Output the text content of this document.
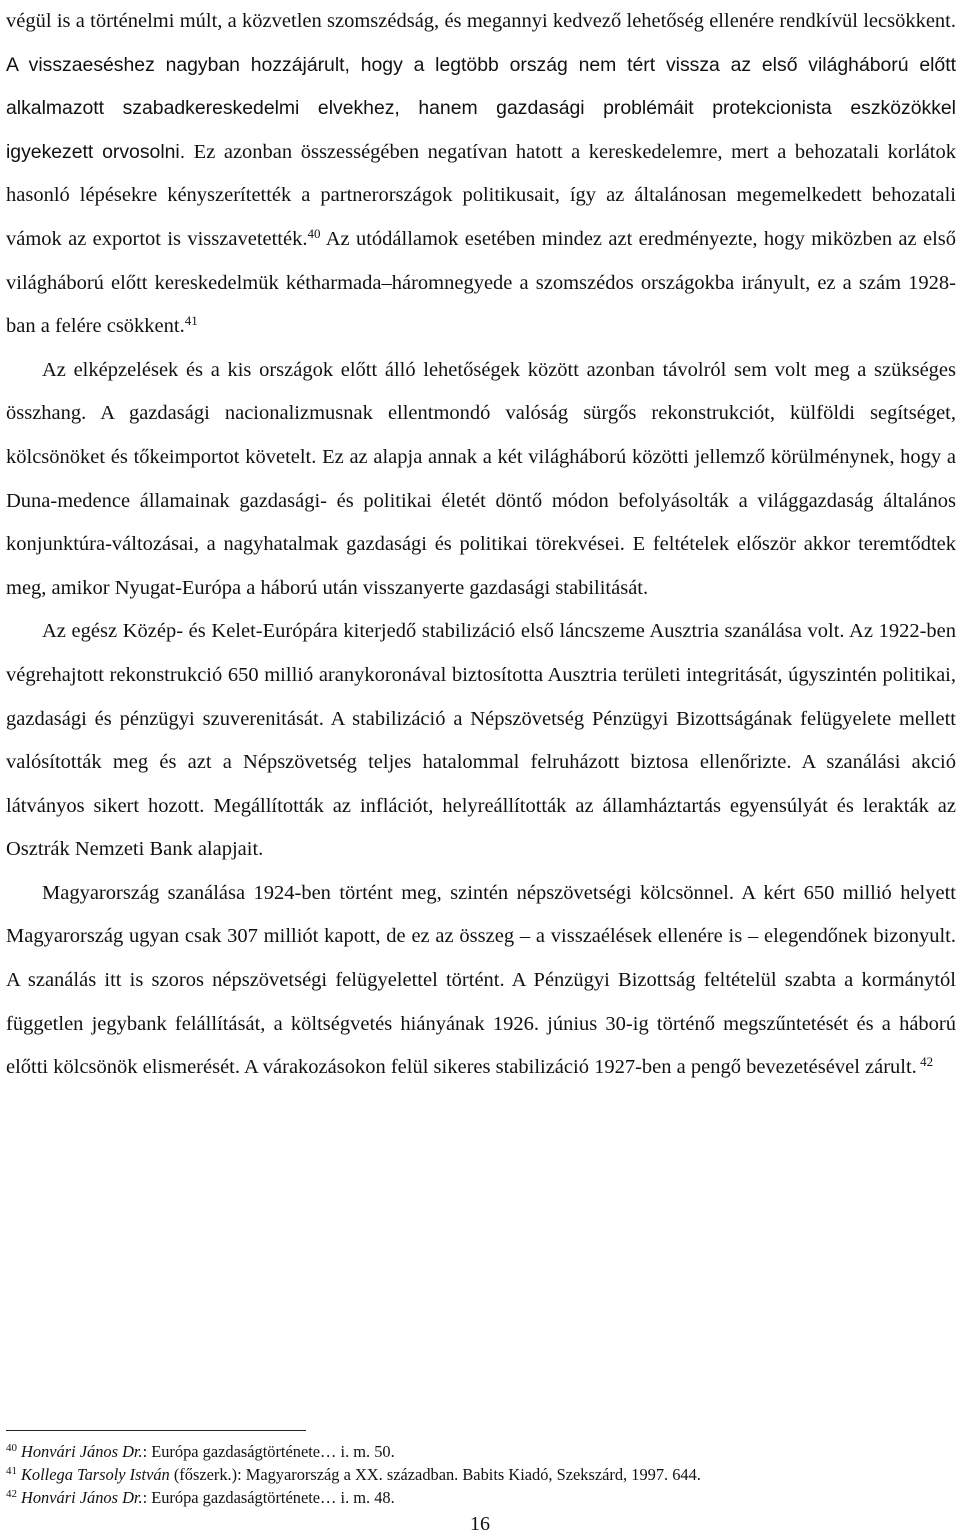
végül is a történelmi múlt, a közvetlen szomszédság, és megannyi kedvező lehetőség ellenére rendkívül lecsökkent. A visszaeséshez nagyban hozzájárult, hogy a legtöbb ország nem tért vissza az első világháború előtt alkalmazott szabadkereskedelmi elvekhez, hanem gazdasági problémáit protekcionista eszközökkel igyekezett orvosolni. Ez azonban összességében negatívan hatott a kereskedelemre, mert a behozatali korlátok hasonló lépésekre kényszerítették a partnerországok politikusait, így az általánosan megemelkedett behozatali vámok az exportot is visszavetették.$^{40}$ Az utódállamok esetében mindez azt eredményezte, hogy miközben az első világháború előtt kereskedelmük kétharmada–háromnegyede a szomszédos országokba irányult, ez a szám 1928-ban a felére csökkent.$^{41}$

Az elképzelések és a kis országok előtt álló lehetőségek között azonban távolról sem volt meg a szükséges összhang. A gazdasági nacionalizmusnak ellentmondó valóság sürgős rekonstrukciót, külföldi segítséget, kölcsönöket és tőkeimportot követelt. Ez az alapja annak a két világháború közötti jellemző körülménynek, hogy a Duna-medence államainak gazdasági- és politikai életét döntő módon befolyásolták a világgazdaság általános konjunktúra-változásai, a nagyhatalmak gazdasági és politikai törekvései. E feltételek először akkor teremtődtek meg, amikor Nyugat-Európa a háború után visszanyerte gazdasági stabilitását.

Az egész Közép- és Kelet-Európára kiterjedő stabilizáció első láncszeme Ausztria szanálása volt. Az 1922-ben végrehajtott rekonstrukció 650 millió aranykoronával biztosította Ausztria területi integritását, úgyszintén politikai, gazdasági és pénzügyi szuverenitását. A stabilizáció a Népszövetség Pénzügyi Bizottságának felügyelete mellett valósították meg és azt a Népszövetség teljes hatalommal felruházott biztosa ellenőrizte. A szanálási akció látványos sikert hozott. Megállították az inflációt, helyreállították az államháztartás egyensúlyát és lerakták az Osztrák Nemzeti Bank alapjait.

Magyarország szanálása 1924-ben történt meg, szintén népszövetségi kölcsönnel. A kért 650 millió helyett Magyarország ugyan csak 307 milliót kapott, de ez az összeg – a visszaélések ellenére is – elegendőnek bizonyult. A szanálás itt is szoros népszövetségi felügyelettel történt. A Pénzügyi Bizottság feltételül szabta a kormánytól független jegybank felállítását, a költségvetés hiányának 1926. június 30-ig történő megszűntetését és a háború előtti kölcsönök elismerését. A várakozásokon felül sikeres stabilizáció 1927-ben a pengő bevezetésével zárult. $^{42}$

$^{40}$ Honvári János Dr.: Európa gazdaságtörténete… i. m. 50.
$^{41}$ Kollega Tarsoly István (főszerk.): Magyarország a XX. században. Babits Kiadó, Szekszárd, 1997. 644.
$^{42}$ Honvári János Dr.: Európa gazdaságtörténete… i. m. 48.
16
